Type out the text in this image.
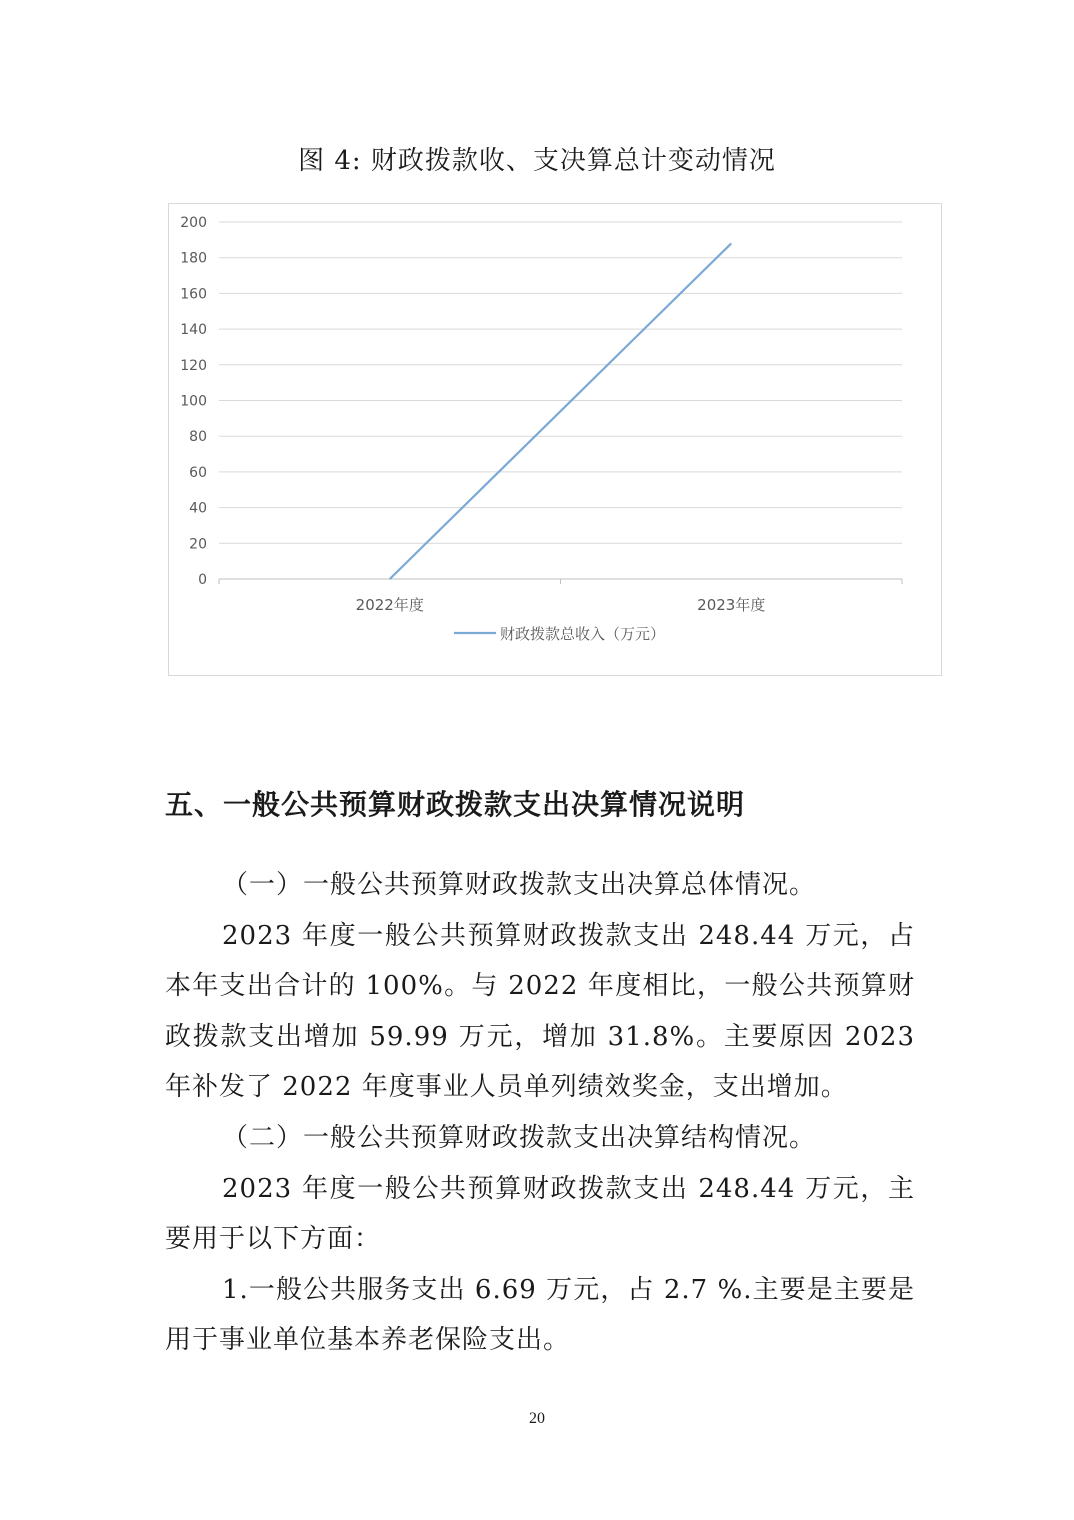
图 4: 财政拨款收、支决算总计变动情况
0
20
40
60
80
100
120
140
160
180
200
2022年度	2023年度
财政拨款总收入（万元）
五、一般公共预算财政拨款支出决算情况说明

（一）一般公共预算财政拨款支出决算总体情况。

2023 年度一般公共预算财政拨款支出 248.44 万元，占本年支出合计的 100%。与 2022 年度相比，一般公共预算财政拨款支出增加 59.99 万元，增加 31.8%。主要原因 2023 年补发了 2022 年度事业人员单列绩效奖金，支出增加。

（二）一般公共预算财政拨款支出决算结构情况。

2023 年度一般公共预算财政拨款支出 248.44 万元，主要用于以下方面：

1.一般公共服务支出 6.69 万元，占 2.7 %.主要是主要是用于事业单位基本养老保险支出。

20
